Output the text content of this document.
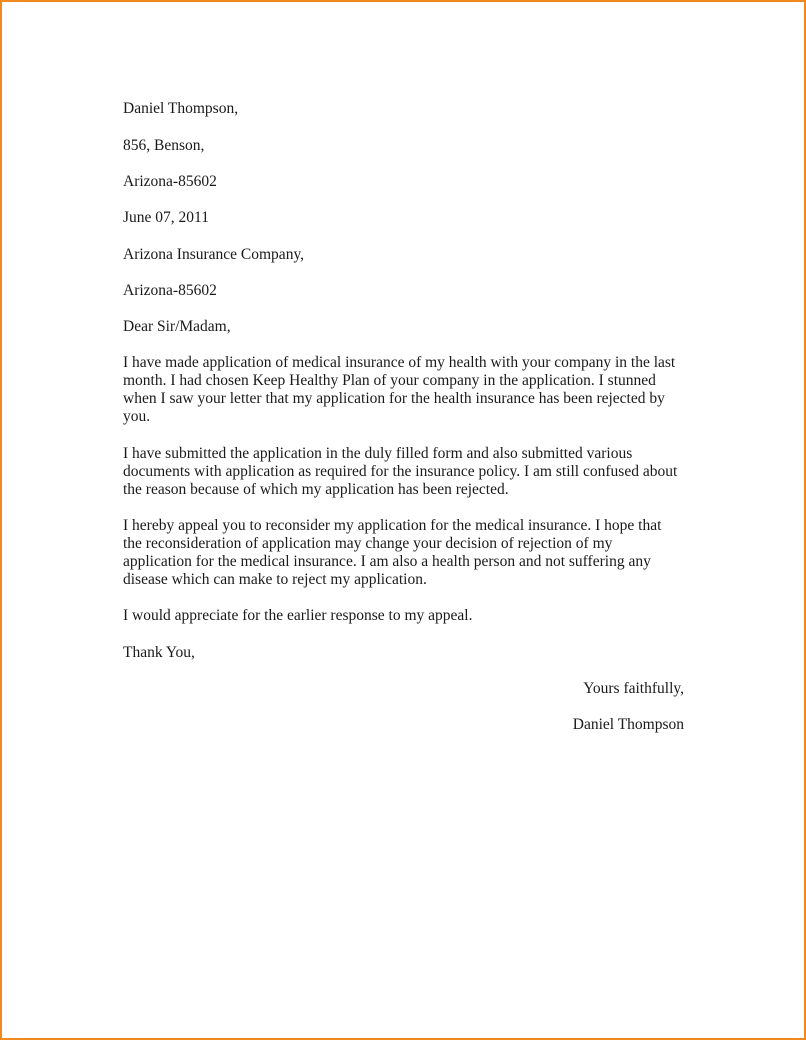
Daniel Thompson,

856, Benson,

Arizona-85602

June 07, 2011

Arizona Insurance Company,

Arizona-85602

Dear Sir/Madam,

I have made application of medical insurance of my health with your company in the last
month. I had chosen Keep Healthy Plan of your company in the application. I stunned
when I saw your letter that my application for the health insurance has been rejected by
you.
I have submitted the application in the duly filled form and also submitted various
documents with application as required for the insurance policy. I am still confused about
the reason because of which my application has been rejected.
I hereby appeal you to reconsider my application for the medical insurance. I hope that
the reconsideration of application may change your decision of rejection of my
application for the medical insurance. I am also a health person and not suffering any
disease which can make to reject my application.
I would appreciate for the earlier response to my appeal.

Thank You,

Yours faithfully,

Daniel Thompson
